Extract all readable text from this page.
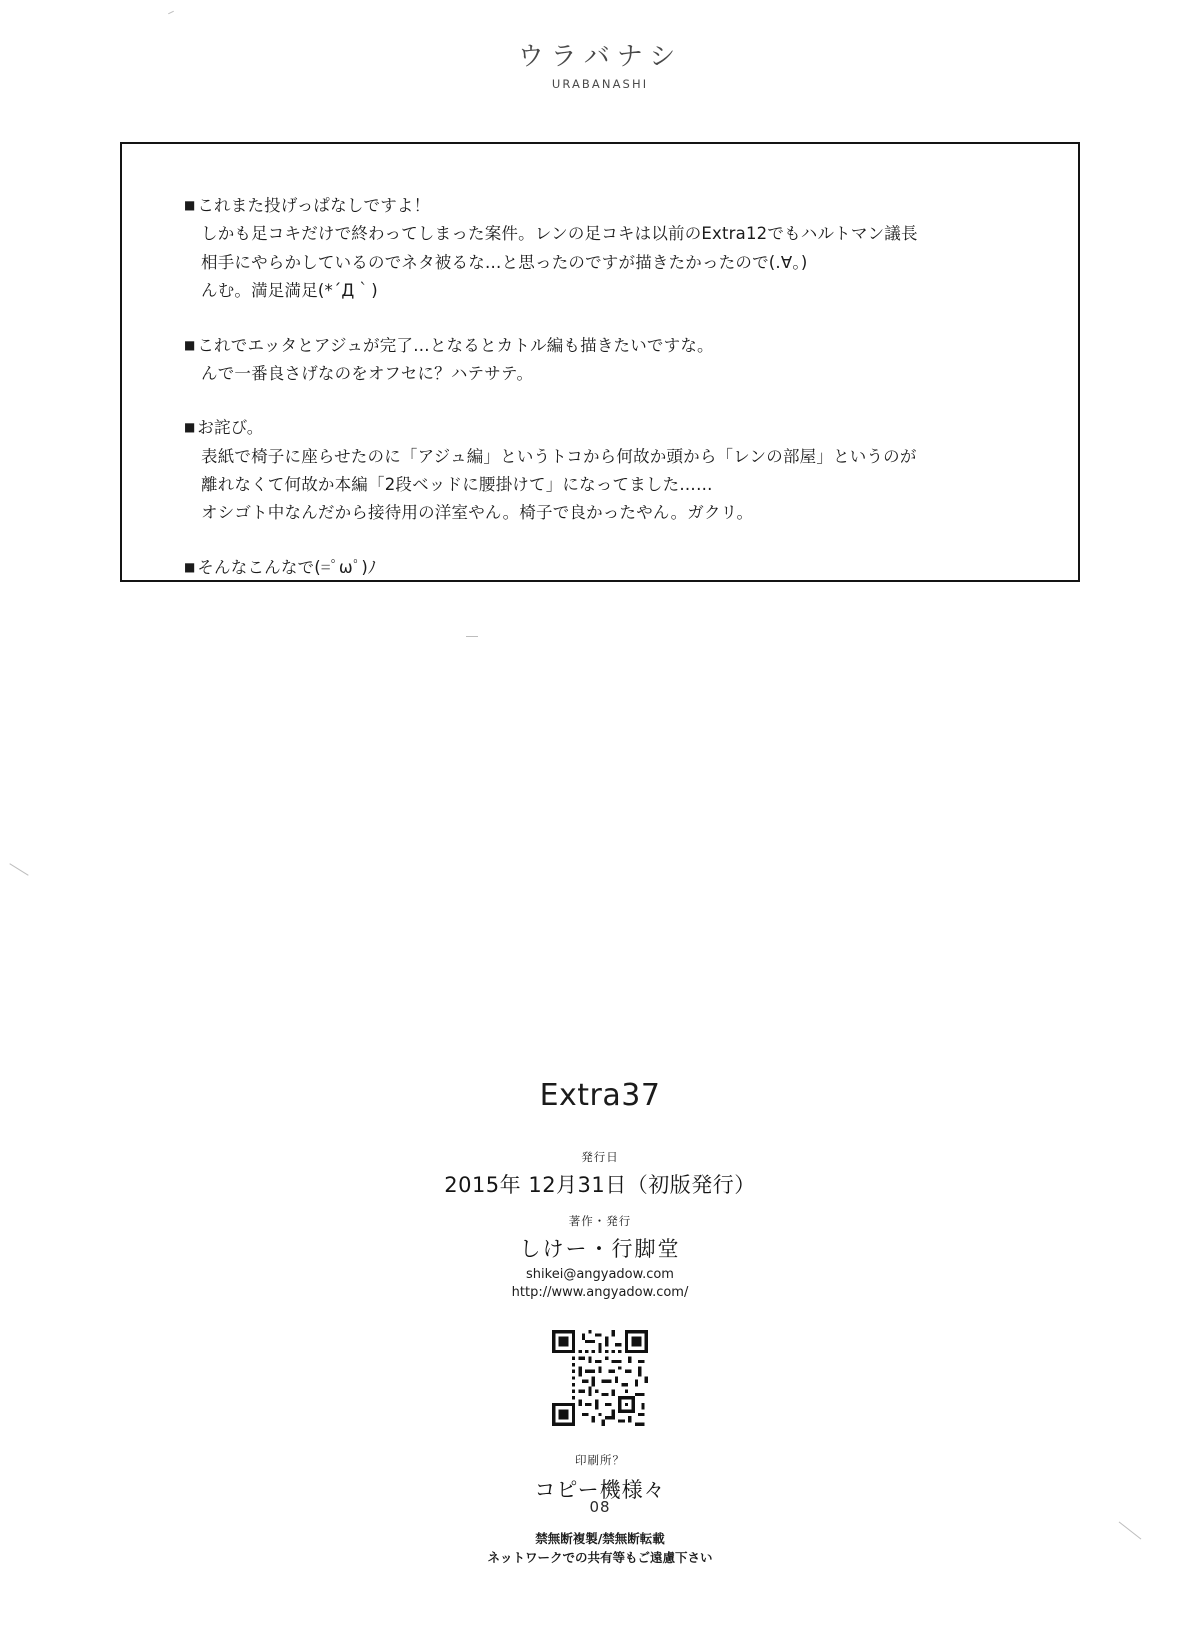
ウラバナシ
URABANASHI
■ これまた投げっぱなしですよ！
しかも足コキだけで終わってしまった案件。レンの足コキは以前のExtra12でもハルトマン議長
相手にやらかしているのでネタ被るな…と思ったのですが描きたかったので(.∀｡)
んむ。満足満足(*´Д｀)
■ これでエッタとアジュが完了…となるとカトル編も描きたいですな。
んで一番良さげなのをオフセに？ハテサテ。
■ お詫び。
表紙で椅子に座らせたのに「アジュ編」というトコから何故か頭から「レンの部屋」というのが
離れなくて何故か本編「2段ベッドに腰掛けて」になってました……
オシゴト中なんだから接待用の洋室やん。椅子で良かったやん。ガクリ。
■ そんなこんなで(=ﾟωﾟ)ﾉ
Extra37
発行日
2015年 12月31日（初版発行）
著作・発行
しけー・行脚堂
shikei@angyadow.com
http://www.angyadow.com/
印刷所？
コピー機様々
禁無断複製/禁無断転載
ネットワークでの共有等もご遠慮下さい
08
